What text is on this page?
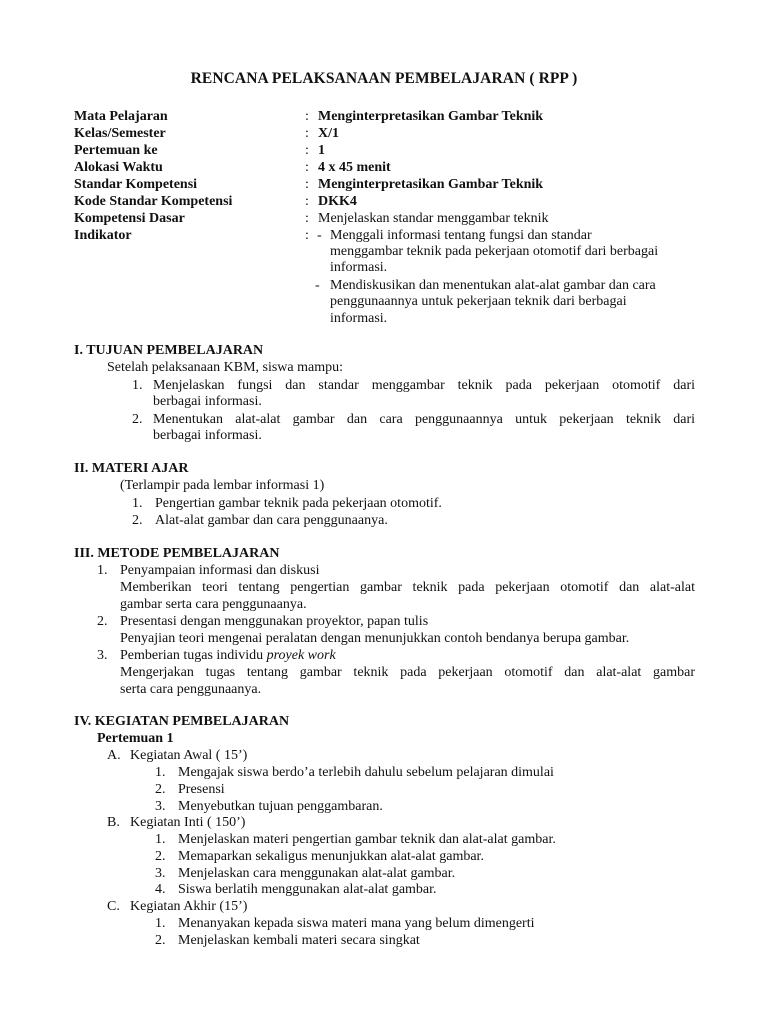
RENCANA PELAKSANAAN PEMBELAJARAN ( RPP )
Mata Pelajaran	: Menginterpretasikan Gambar Teknik
Kelas/Semester	: X/1
Pertemuan ke	: 1
Alokasi Waktu	: 4 x 45 menit
Standar Kompetensi	: Menginterpretasikan Gambar Teknik
Kode Standar Kompetensi	: DKK4
Kompetensi Dasar	: Menjelaskan standar menggambar teknik
Indikator	: - Menggali informasi tentang fungsi dan standar
menggambar teknik pada pekerjaan otomotif dari berbagai
informasi.
- Mendiskusikan dan menentukan alat-alat gambar dan cara
penggunaannya untuk pekerjaan teknik dari berbagai
informasi.
I. TUJUAN PEMBELAJARAN
Setelah pelaksanaan KBM, siswa mampu:
1. Menjelaskan fungsi dan standar menggambar teknik pada pekerjaan otomotif dari
berbagai informasi.
2. Menentukan alat-alat gambar dan cara penggunaannya untuk pekerjaan teknik dari
berbagai informasi.
II. MATERI AJAR
(Terlampir pada lembar informasi 1)
1. Pengertian gambar teknik pada pekerjaan otomotif.
2. Alat-alat gambar dan cara penggunaanya.
III. METODE PEMBELAJARAN
1. Penyampaian informasi dan diskusi
Memberikan teori tentang pengertian gambar teknik pada pekerjaan otomotif dan alat-alat
gambar serta cara penggunaanya.
2. Presentasi dengan menggunakan proyektor, papan tulis
Penyajian teori mengenai peralatan dengan menunjukkan contoh bendanya berupa gambar.
3. Pemberian tugas individu proyek work
Mengerjakan tugas tentang gambar teknik pada pekerjaan otomotif dan alat-alat gambar
serta cara penggunaanya.
IV. KEGIATAN PEMBELAJARAN
Pertemuan 1
A. Kegiatan Awal ( 15’)
1. Mengajak siswa berdo’a terlebih dahulu sebelum pelajaran dimulai
2. Presensi
3. Menyebutkan tujuan penggambaran.
B. Kegiatan Inti ( 150’)
1. Menjelaskan materi pengertian gambar teknik dan alat-alat gambar.
2. Memaparkan sekaligus menunjukkan alat-alat gambar.
3. Menjelaskan cara menggunakan alat-alat gambar.
4. Siswa berlatih menggunakan alat-alat gambar.
C. Kegiatan Akhir (15’)
1. Menanyakan kepada siswa materi mana yang belum dimengerti
2. Menjelaskan kembali materi secara singkat
